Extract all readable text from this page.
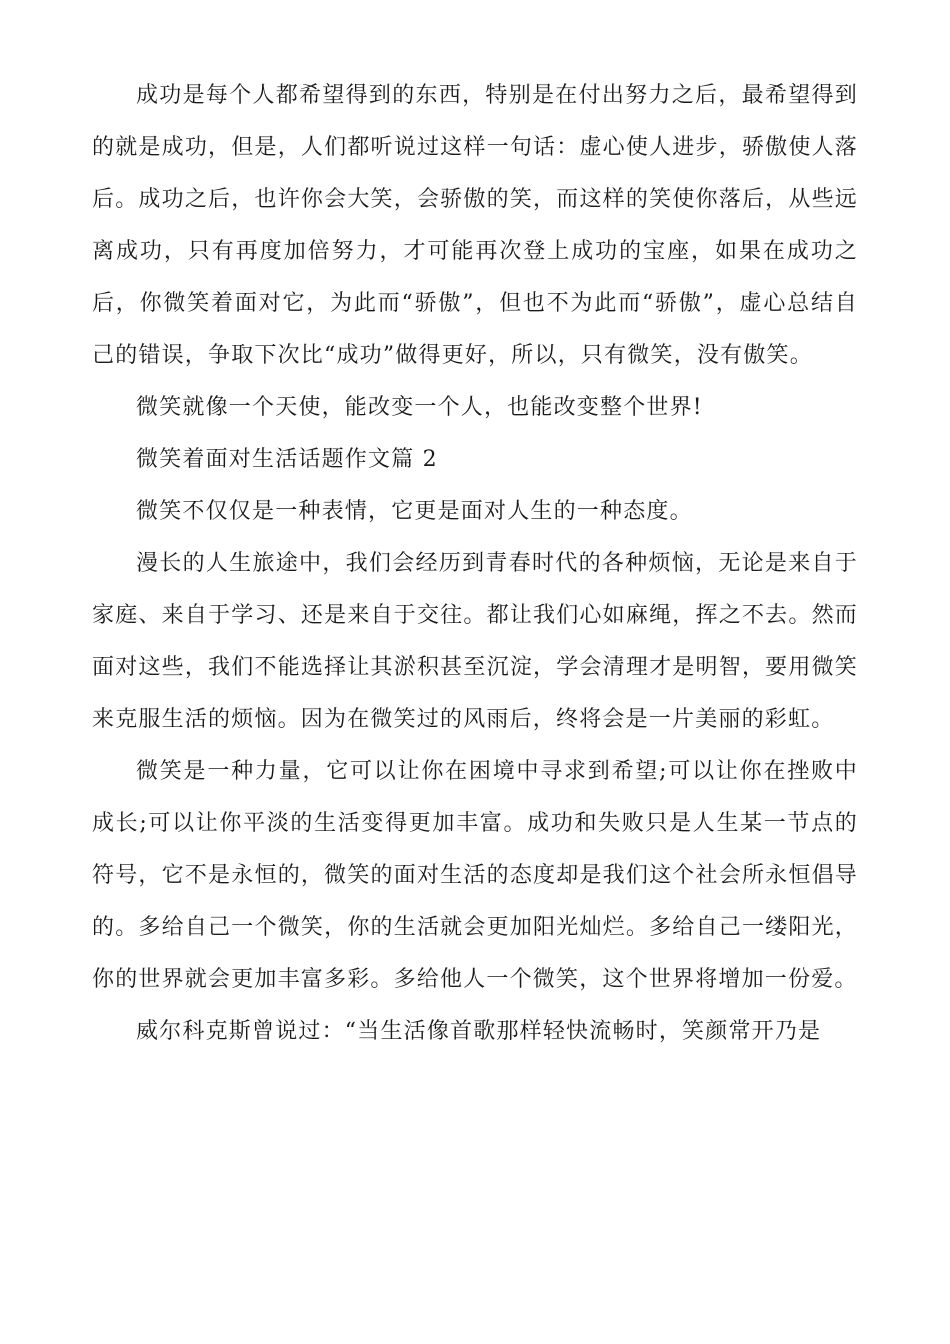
成功是每个人都希望得到的东西，特别是在付出努力之后，最希望得到的就是成功，但是，人们都听说过这样一句话：虚心使人进步，骄傲使人落后。成功之后，也许你会大笑，会骄傲的笑，而这样的笑使你落后，从些远离成功，只有再度加倍努力，才可能再次登上成功的宝座，如果在成功之后，你微笑着面对它，为此而“骄傲”，但也不为此而“骄傲”，虚心总结自己的错误，争取下次比“成功”做得更好，所以，只有微笑，没有傲笑。

微笑就像一个天使，能改变一个人，也能改变整个世界!

微笑着面对生活话题作文篇 2

微笑不仅仅是一种表情，它更是面对人生的一种态度。

漫长的人生旅途中，我们会经历到青春时代的各种烦恼，无论是来自于家庭、来自于学习、还是来自于交往。都让我们心如麻绳，挥之不去。然而面对这些，我们不能选择让其淤积甚至沉淀，学会清理才是明智，要用微笑来克服生活的烦恼。因为在微笑过的风雨后，终将会是一片美丽的彩虹。

微笑是一种力量，它可以让你在困境中寻求到希望;可以让你在挫败中成长;可以让你平淡的生活变得更加丰富。成功和失败只是人生某一节点的符号，它不是永恒的，微笑的面对生活的态度却是我们这个社会所永恒倡导的。多给自己一个微笑，你的生活就会更加阳光灿烂。多给自己一缕阳光，你的世界就会更加丰富多彩。多给他人一个微笑，这个世界将增加一份爱。

威尔科克斯曾说过：“当生活像首歌那样轻快流畅时，笑颜常开乃是
